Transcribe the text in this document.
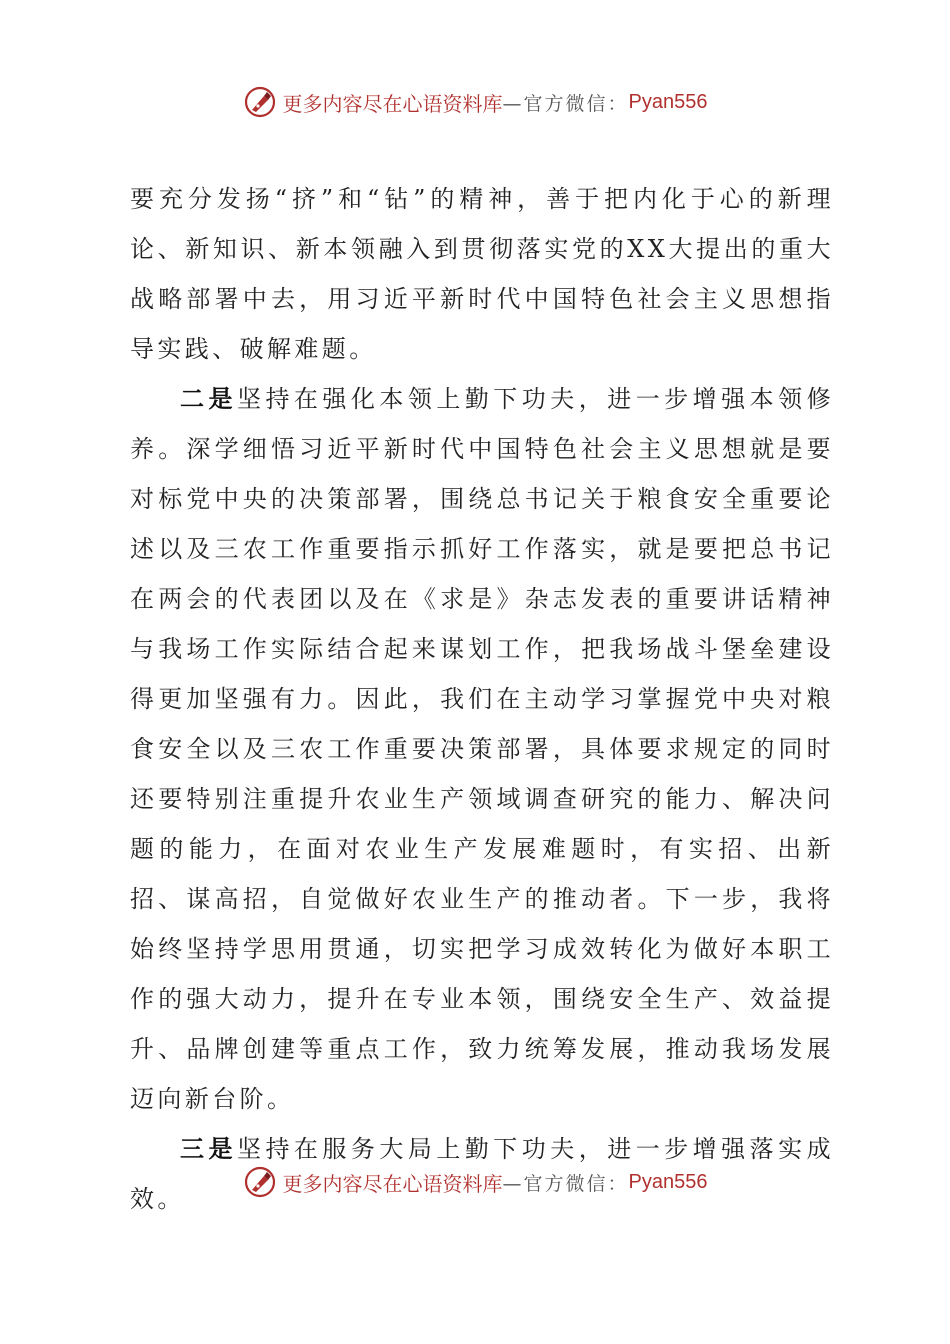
更多内容尽在心语资料库 —官方微信： Pyan556

要充分发扬“挤”和“钻”的精神，善于把内化于心的新理论、新知识、新本领融入到贯彻落实党的XX大提出的重大战略部署中去，用习近平新时代中国特色社会主义思想指导实践、破解难题。

二是坚持在强化本领上勤下功夫，进一步增强本领修养。深学细悟习近平新时代中国特色社会主义思想就是要对标党中央的决策部署，围绕总书记关于粮食安全重要论述以及三农工作重要指示抓好工作落实，就是要把总书记在两会的代表团以及在《求是》杂志发表的重要讲话精神与我场工作实际结合起来谋划工作，把我场战斗堡垒建设得更加坚强有力。因此，我们在主动学习掌握党中央对粮食安全以及三农工作重要决策部署，具体要求规定的同时还要特别注重提升农业生产领域调查研究的能力、解决问题的能力，在面对农业生产发展难题时，有实招、出新招、谋高招，自觉做好农业生产的推动者。下一步，我将始终坚持学思用贯通，切实把学习成效转化为做好本职工作的强大动力，提升在专业本领，围绕安全生产、效益提升、品牌创建等重点工作，致力统筹发展，推动我场发展迈向新台阶。

三是坚持在服务大局上勤下功夫，进一步增强落实成效。

更多内容尽在心语资料库 —官方微信： Pyan556
